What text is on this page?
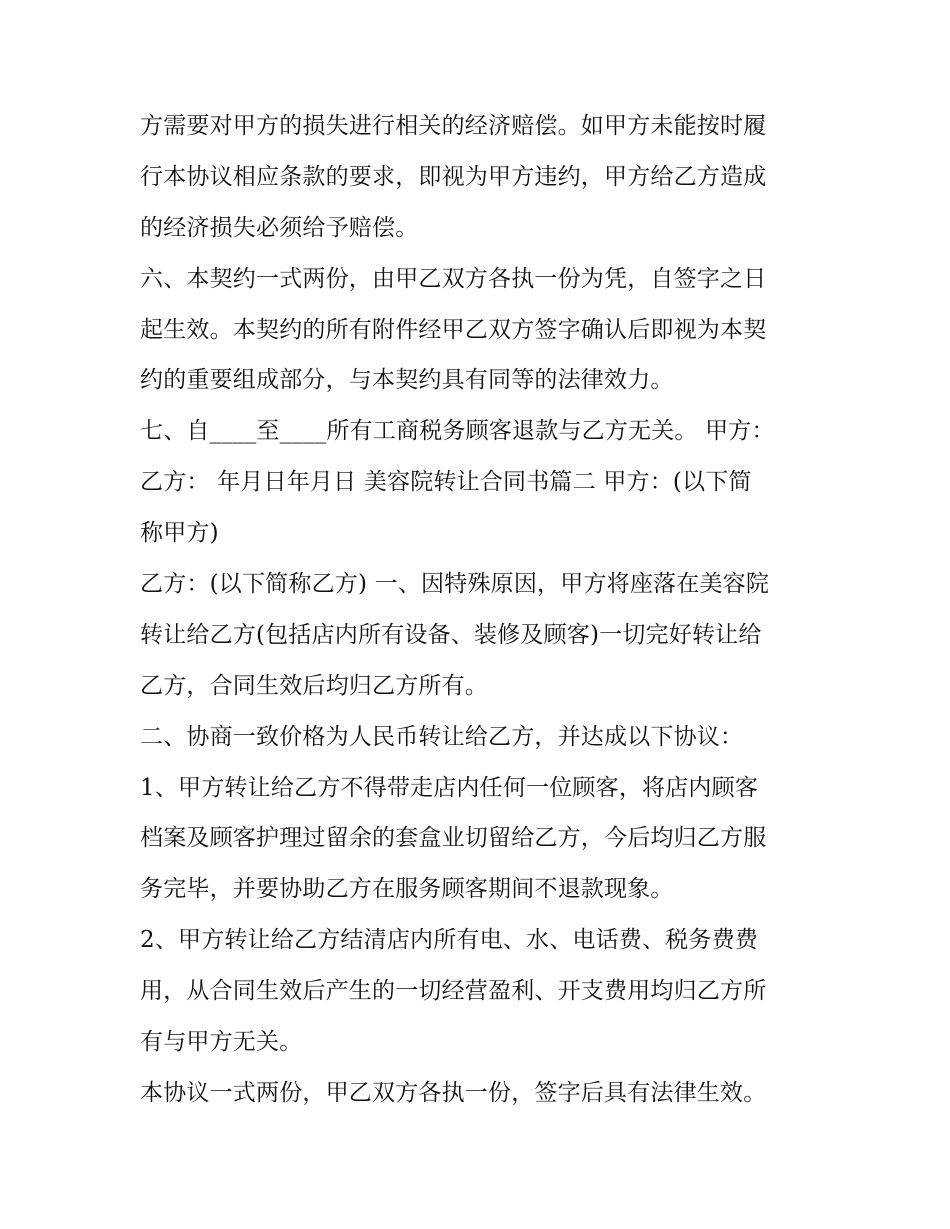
方需要对甲方的损失进行相关的经济赔偿。如甲方未能按时履
行本协议相应条款的要求，即视为甲方违约，甲方给乙方造成
的经济损失必须给予赔偿。
六、本契约一式两份，由甲乙双方各执一份为凭，自签字之日
起生效。本契约的所有附件经甲乙双方签字确认后即视为本契
约的重要组成部分，与本契约具有同等的法律效力。
七、自____至____所有工商税务顾客退款与乙方无关。 甲方：
乙方： 年月日年月日 美容院转让合同书篇二 甲方：(以下简
称甲方)
乙方：(以下简称乙方) 一、因特殊原因，甲方将座落在美容院
转让给乙方(包括店内所有设备、装修及顾客)一切完好转让给
乙方，合同生效后均归乙方所有。
二、协商一致价格为人民币转让给乙方，并达成以下协议：
1、甲方转让给乙方不得带走店内任何一位顾客，将店内顾客
档案及顾客护理过留余的套盒业切留给乙方，今后均归乙方服
务完毕，并要协助乙方在服务顾客期间不退款现象。
2、甲方转让给乙方结清店内所有电、水、电话费、税务费费
用，从合同生效后产生的一切经营盈利、开支费用均归乙方所
有与甲方无关。
本协议一式两份，甲乙双方各执一份，签字后具有法律生效。
